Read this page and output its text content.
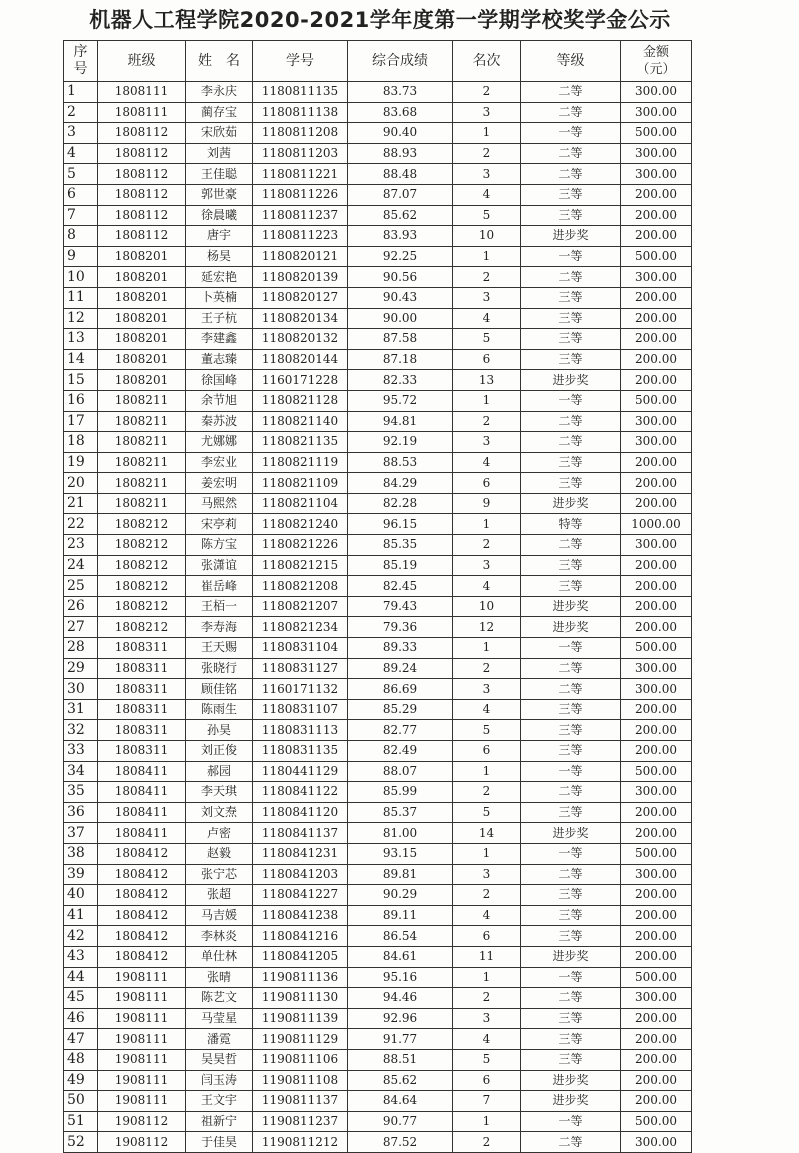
机器人工程学院2020-2021学年度第一学期学校奖学金公示
序
号	班级	姓　名	学号	综合成绩	名次	等级	金额
（元）
1	1808111	李永庆	1180811135	83.73	2	二等	300.00
2	1808111	蔺存宝	1180811138	83.68	3	二等	300.00
3	1808112	宋欣茹	1180811208	90.40	1	一等	500.00
4	1808112	刘茜	1180811203	88.93	2	二等	300.00
5	1808112	王佳聪	1180811221	88.48	3	二等	300.00
6	1808112	郭世豪	1180811226	87.07	4	三等	200.00
7	1808112	徐晨曦	1180811237	85.62	5	三等	200.00
8	1808112	唐宇	1180811223	83.93	10	进步奖	200.00
9	1808201	杨昊	1180820121	92.25	1	一等	500.00
10	1808201	延宏艳	1180820139	90.56	2	二等	300.00
11	1808201	卜英楠	1180820127	90.43	3	三等	200.00
12	1808201	王子杭	1180820134	90.00	4	三等	200.00
13	1808201	李建鑫	1180820132	87.58	5	三等	200.00
14	1808201	董志臻	1180820144	87.18	6	三等	200.00
15	1808201	徐国峰	1160171228	82.33	13	进步奖	200.00
16	1808211	余节旭	1180821128	95.72	1	一等	500.00
17	1808211	秦苏波	1180821140	94.81	2	二等	300.00
18	1808211	尤娜娜	1180821135	92.19	3	二等	300.00
19	1808211	李宏业	1180821119	88.53	4	三等	200.00
20	1808211	姜宏明	1180821109	84.29	6	三等	200.00
21	1808211	马熙然	1180821104	82.28	9	进步奖	200.00
22	1808212	宋亭莉	1180821240	96.15	1	特等	1000.00
23	1808212	陈方宝	1180821226	85.35	2	二等	300.00
24	1808212	张潇谊	1180821215	85.19	3	三等	200.00
25	1808212	崔岳峰	1180821208	82.45	4	三等	200.00
26	1808212	王栢一	1180821207	79.43	10	进步奖	200.00
27	1808212	李寿海	1180821234	79.36	12	进步奖	200.00
28	1808311	王天赐	1180831104	89.33	1	一等	500.00
29	1808311	张晓行	1180831127	89.24	2	二等	300.00
30	1808311	顾佳铭	1160171132	86.69	3	二等	300.00
31	1808311	陈雨生	1180831107	85.29	4	三等	200.00
32	1808311	孙昊	1180831113	82.77	5	三等	200.00
33	1808311	刘正俊	1180831135	82.49	6	三等	200.00
34	1808411	郝园	1180441129	88.07	1	一等	500.00
35	1808411	李天琪	1180841122	85.99	2	二等	300.00
36	1808411	刘文焘	1180841120	85.37	5	三等	200.00
37	1808411	卢密	1180841137	81.00	14	进步奖	200.00
38	1808412	赵毅	1180841231	93.15	1	一等	500.00
39	1808412	张宁芯	1180841203	89.81	3	二等	300.00
40	1808412	张超	1180841227	90.29	2	三等	200.00
41	1808412	马吉媛	1180841238	89.11	4	三等	200.00
42	1808412	李林炎	1180841216	86.54	6	三等	200.00
43	1808412	单仕林	1180841205	84.61	11	进步奖	200.00
44	1908111	张晴	1190811136	95.16	1	一等	500.00
45	1908111	陈艺文	1190811130	94.46	2	二等	300.00
46	1908111	马莹星	1190811139	92.96	3	三等	200.00
47	1908111	潘霓	1190811129	91.77	4	三等	200.00
48	1908111	吴昊哲	1190811106	88.51	5	三等	200.00
49	1908111	闫玉涛	1190811108	85.62	6	进步奖	200.00
50	1908111	王文宇	1190811137	84.64	7	进步奖	200.00
51	1908112	祖新宁	1190811237	90.77	1	一等	500.00
52	1908112	于佳昊	1190811212	87.52	2	二等	300.00
